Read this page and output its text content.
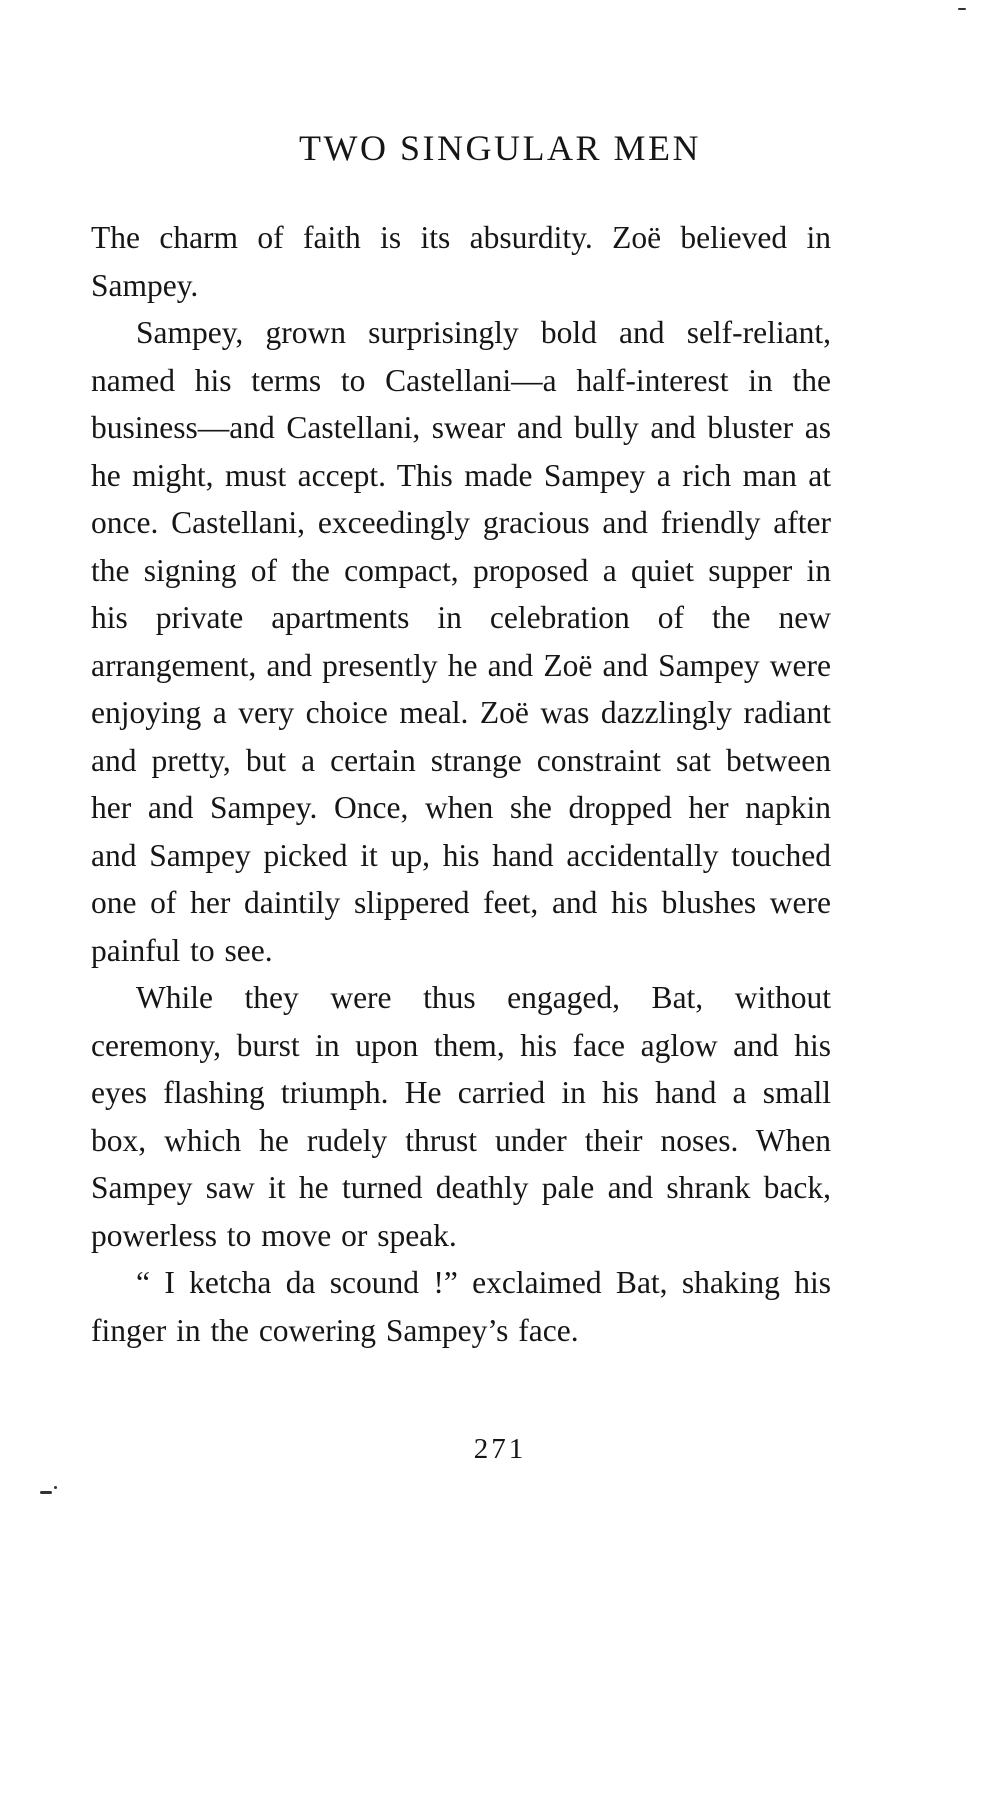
TWO SINGULAR MEN

The charm of faith is its absurdity. Zoë believed in Sampey.

Sampey, grown surprisingly bold and self-reliant, named his terms to Castellani—a half-interest in the business—and Castellani, swear and bully and bluster as he might, must accept. This made Sampey a rich man at once. Castellani, exceedingly gracious and friendly after the signing of the compact, proposed a quiet supper in his private apartments in celebration of the new arrangement, and presently he and Zoë and Sampey were enjoying a very choice meal. Zoë was dazzlingly radiant and pretty, but a certain strange constraint sat between her and Sampey. Once, when she dropped her napkin and Sampey picked it up, his hand accidentally touched one of her daintily slippered feet, and his blushes were painful to see.

While they were thus engaged, Bat, without ceremony, burst in upon them, his face aglow and his eyes flashing triumph. He carried in his hand a small box, which he rudely thrust under their noses. When Sampey saw it he turned deathly pale and shrank back, powerless to move or speak.

“ I ketcha da scound !” exclaimed Bat, shaking his finger in the cowering Sampey’s face.

271
